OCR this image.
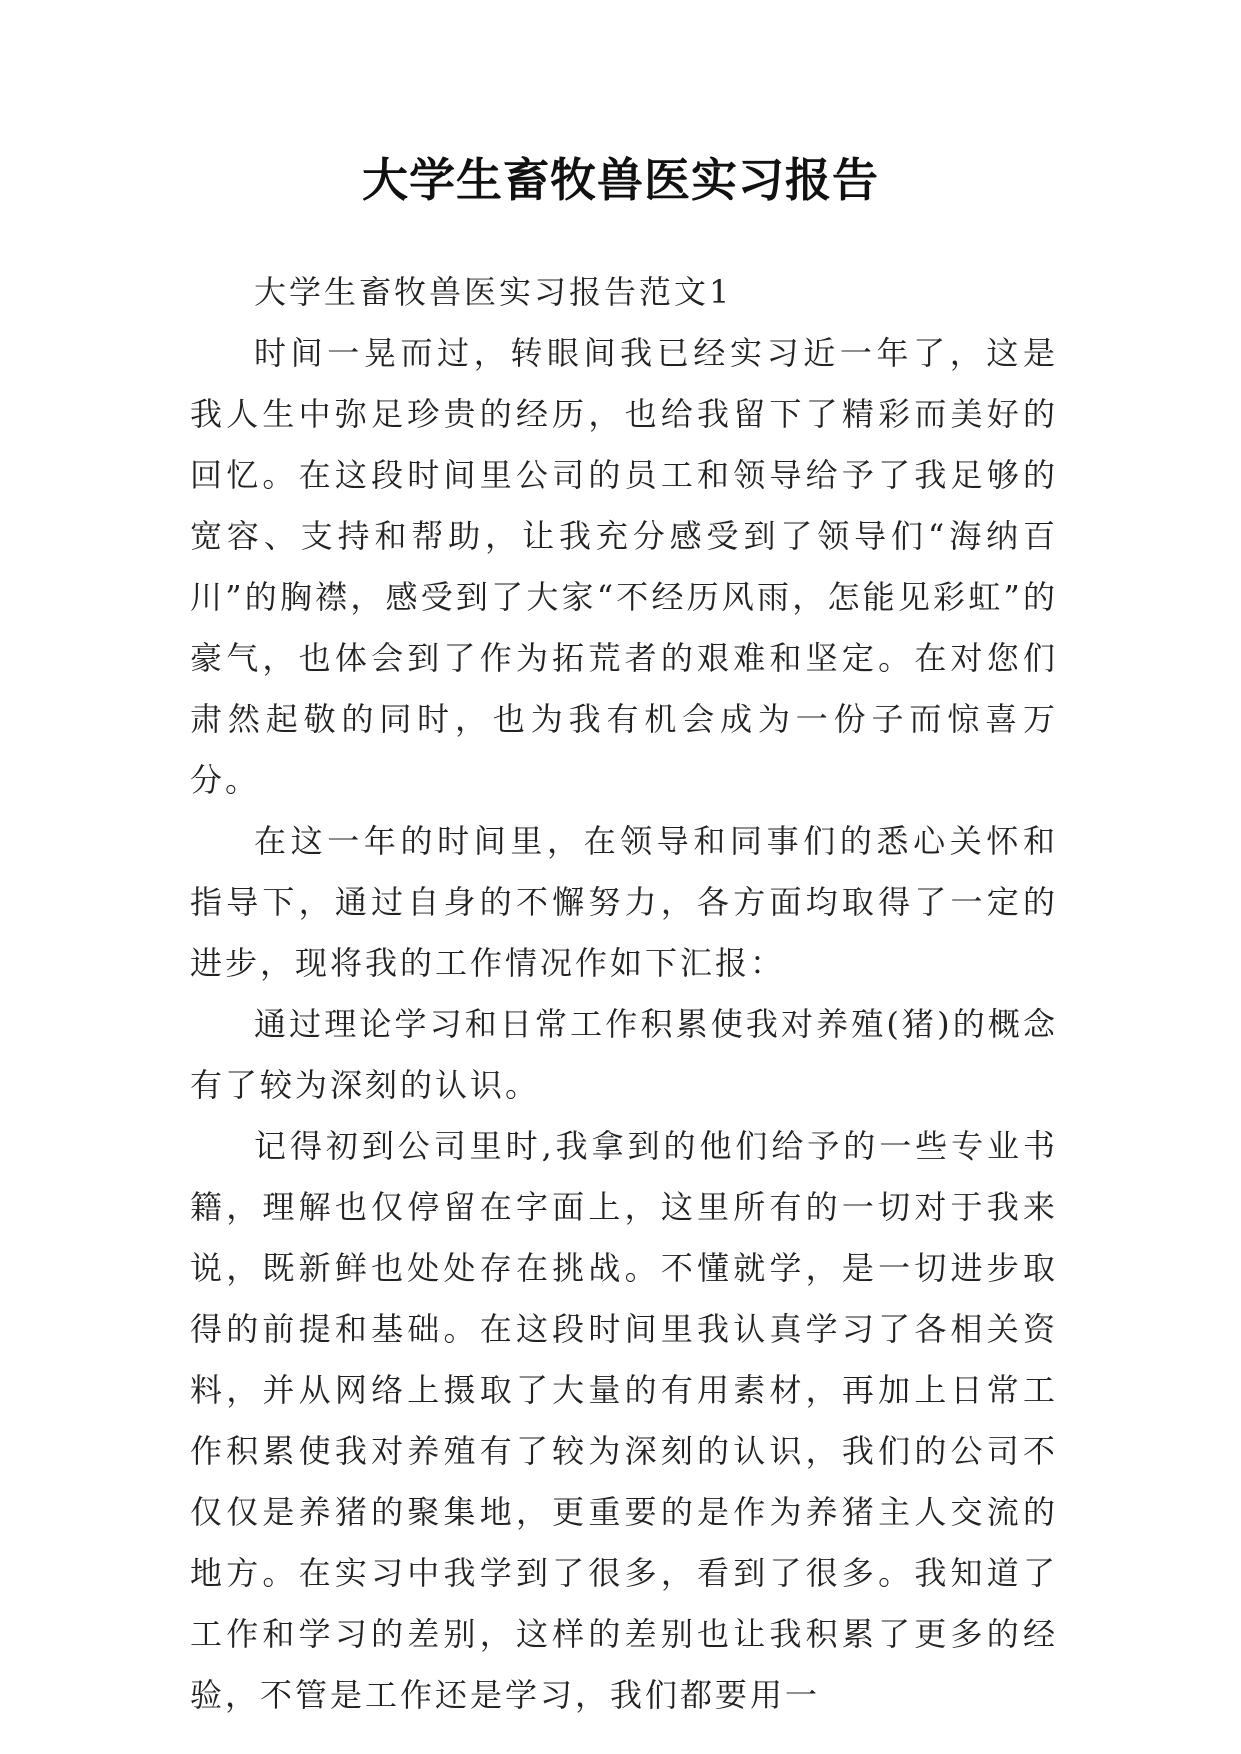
大学生畜牧兽医实习报告

大学生畜牧兽医实习报告范文1

时间一晃而过，转眼间我已经实习近一年了，这是我人生中弥足珍贵的经历，也给我留下了精彩而美好的回忆。在这段时间里公司的员工和领导给予了我足够的宽容、支持和帮助，让我充分感受到了领导们“海纳百川”的胸襟，感受到了大家“不经历风雨，怎能见彩虹”的豪气，也体会到了作为拓荒者的艰难和坚定。在对您们肃然起敬的同时，也为我有机会成为一份子而惊喜万分。

在这一年的时间里，在领导和同事们的悉心关怀和指导下，通过自身的不懈努力，各方面均取得了一定的进步，现将我的工作情况作如下汇报：

通过理论学习和日常工作积累使我对养殖(猪)的概念有了较为深刻的认识。

记得初到公司里时,我拿到的他们给予的一些专业书籍，理解也仅停留在字面上，这里所有的一切对于我来说，既新鲜也处处存在挑战。不懂就学，是一切进步取得的前提和基础。在这段时间里我认真学习了各相关资料，并从网络上摄取了大量的有用素材，再加上日常工作积累使我对养殖有了较为深刻的认识，我们的公司不仅仅是养猪的聚集地，更重要的是作为养猪主人交流的地方。在实习中我学到了很多，看到了很多。我知道了工作和学习的差别，这样的差别也让我积累了更多的经验，不管是工作还是学习，我们都要用一
